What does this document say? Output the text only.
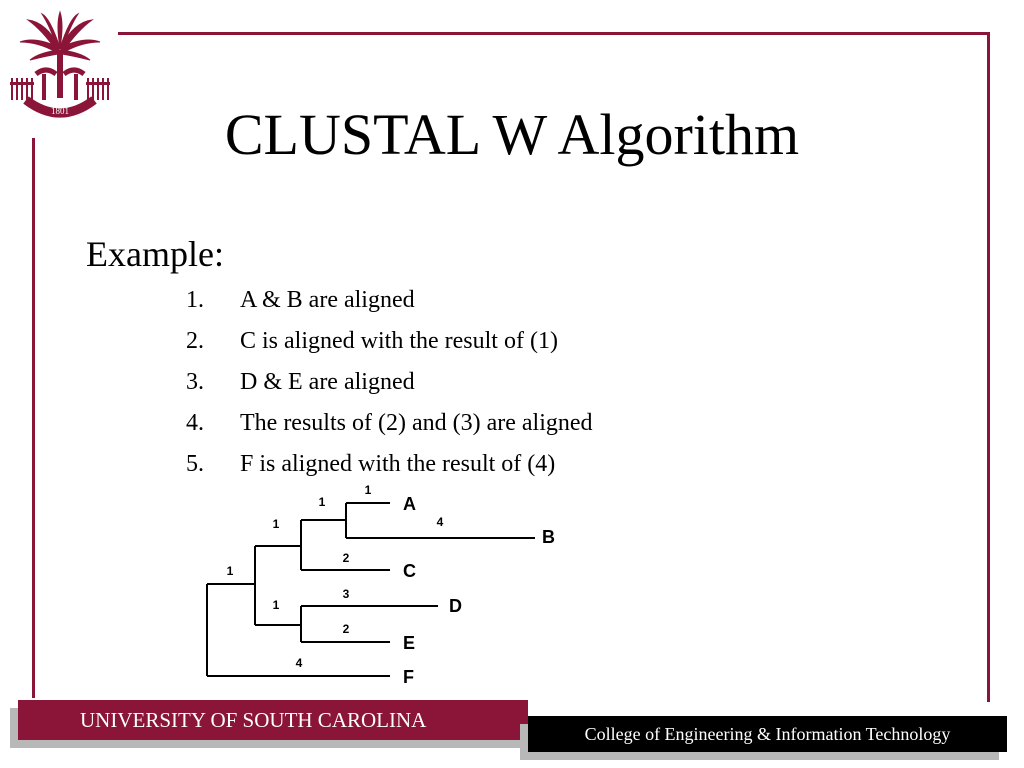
1801	CLUSTAL W Algorithm
Example:
1. A & B are aligned
2. C is aligned with the result of (1)
3. D & E are aligned
4. The results of (2) and (3) are aligned
5. F is aligned with the result of (4)
A
B
C
D
E
F
1
4
1
2
1
3
2
1
1
4
UNIVERSITY OF SOUTH CAROLINA
College of Engineering & Information Technology
